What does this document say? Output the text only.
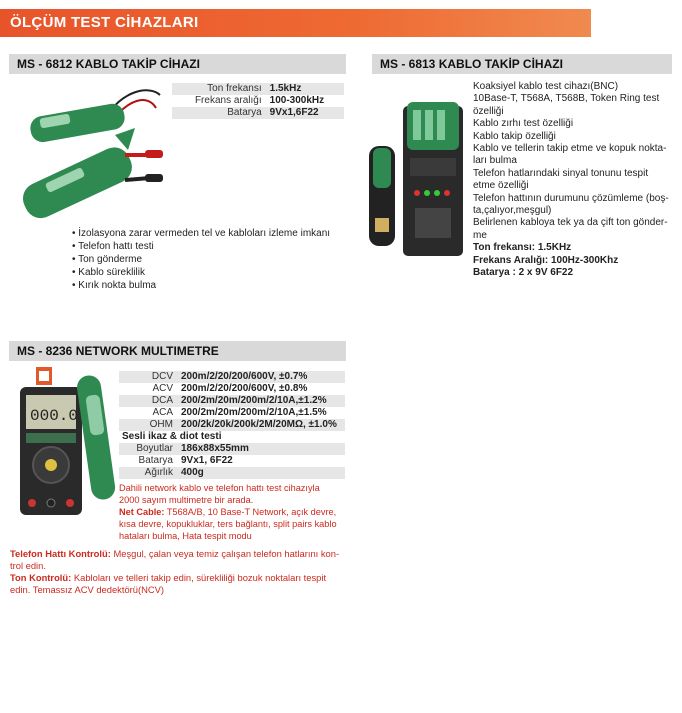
ÖLÇÜM TEST CİHAZLARI
MS - 6812 KABLO TAKİP CİHAZI
Ton frekansı	1.5kHz
Frekans aralığı	100-300kHz
Batarya	9Vx1,6F22
• İzolasyona zarar vermeden tel ve kabloları izleme imkanı
• Telefon hattı testi
• Ton gönderme
• Kablo süreklilik
• Kırık nokta bulma
MS - 6813 KABLO TAKİP CİHAZI
Koaksiyel kablo test cihazı(BNC)
10Base-T, T568A, T568B, Token Ring test
özelliği
Kablo zırhı test özelliği
Kablo takip özelliği
Kablo ve tellerin takip etme ve kopuk nokta-
ları bulma
Telefon hatlarındaki sinyal tonunu tespit
etme özelliği
Telefon hattının durumunu çözümleme (boş-
ta,çalıyor,meşgul)
Belirlenen kabloya tek ya da çift ton gönder-
me
Ton frekansı: 1.5KHz
Frekans Aralığı: 100Hz-300Khz
Batarya : 2 x 9V 6F22
MS - 8236 NETWORK MULTIMETRE
000.0
DCV	200m/2/20/200/600V, ±0.7%
ACV	200m/2/20/200/600V, ±0.8%
DCA	200/2m/20m/200m/2/10A,±1.2%
ACA	200/2m/20m/200m/2/10A,±1.5%
OHM	200/2k/20k/200k/2M/20MΩ, ±1.0%
Sesli ikaz & diot testi	
Boyutlar	186x88x55mm
Batarya	9Vx1, 6F22
Ağırlık	400g
Dahili network kablo ve telefon hattı test cihazıyla
2000 sayım multimetre bir arada.
Net Cable: T568A/B, 10 Base-T Network, açık devre,
kısa devre, kopukluklar, ters bağlantı, split pairs kablo
hataları bulma, Hata tespit modu
Telefon Hattı Kontrolü: Meşgul, çalan veya temiz çalışan telefon hatlarını kon-
trol edin.
Ton Kontrolü: Kabloları ve telleri takip edin, sürekliliği bozuk noktaları tespit
edin. Temassız ACV dedektörü(NCV)
